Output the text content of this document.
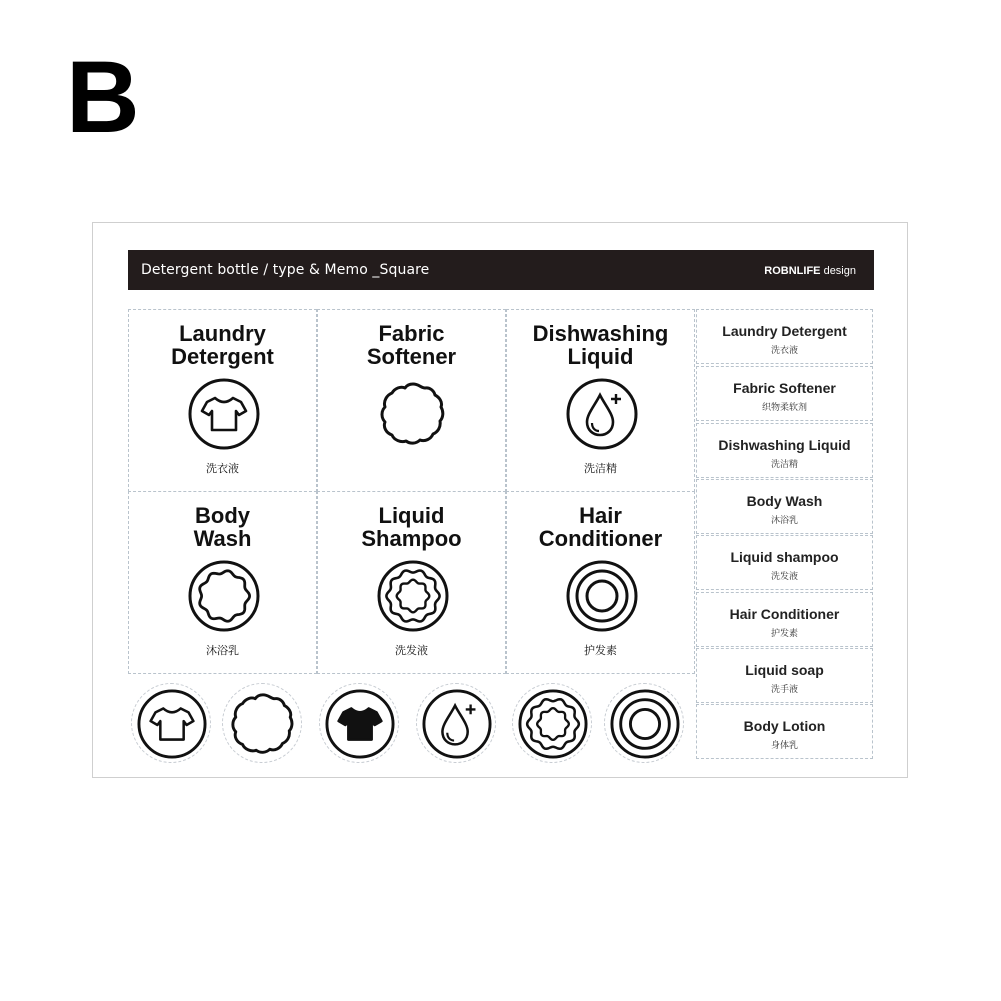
B
Detergent bottle / type & Memo _Square	ROBNLIFE design
Laundry
Detergent
洗衣液
Fabric
Softener
Dishwashing
Liquid
洗洁精
Body
Wash
沐浴乳
Liquid
Shampoo
洗发液
Hair
Conditioner
护发素
Laundry Detergent
洗衣液
Fabric Softener
织物柔软剂
Dishwashing Liquid
洗洁精
Body Wash
沐浴乳
Liquid shampoo
洗发液
Hair Conditioner
护发素
Liquid soap
洗手液
Body Lotion
身体乳
